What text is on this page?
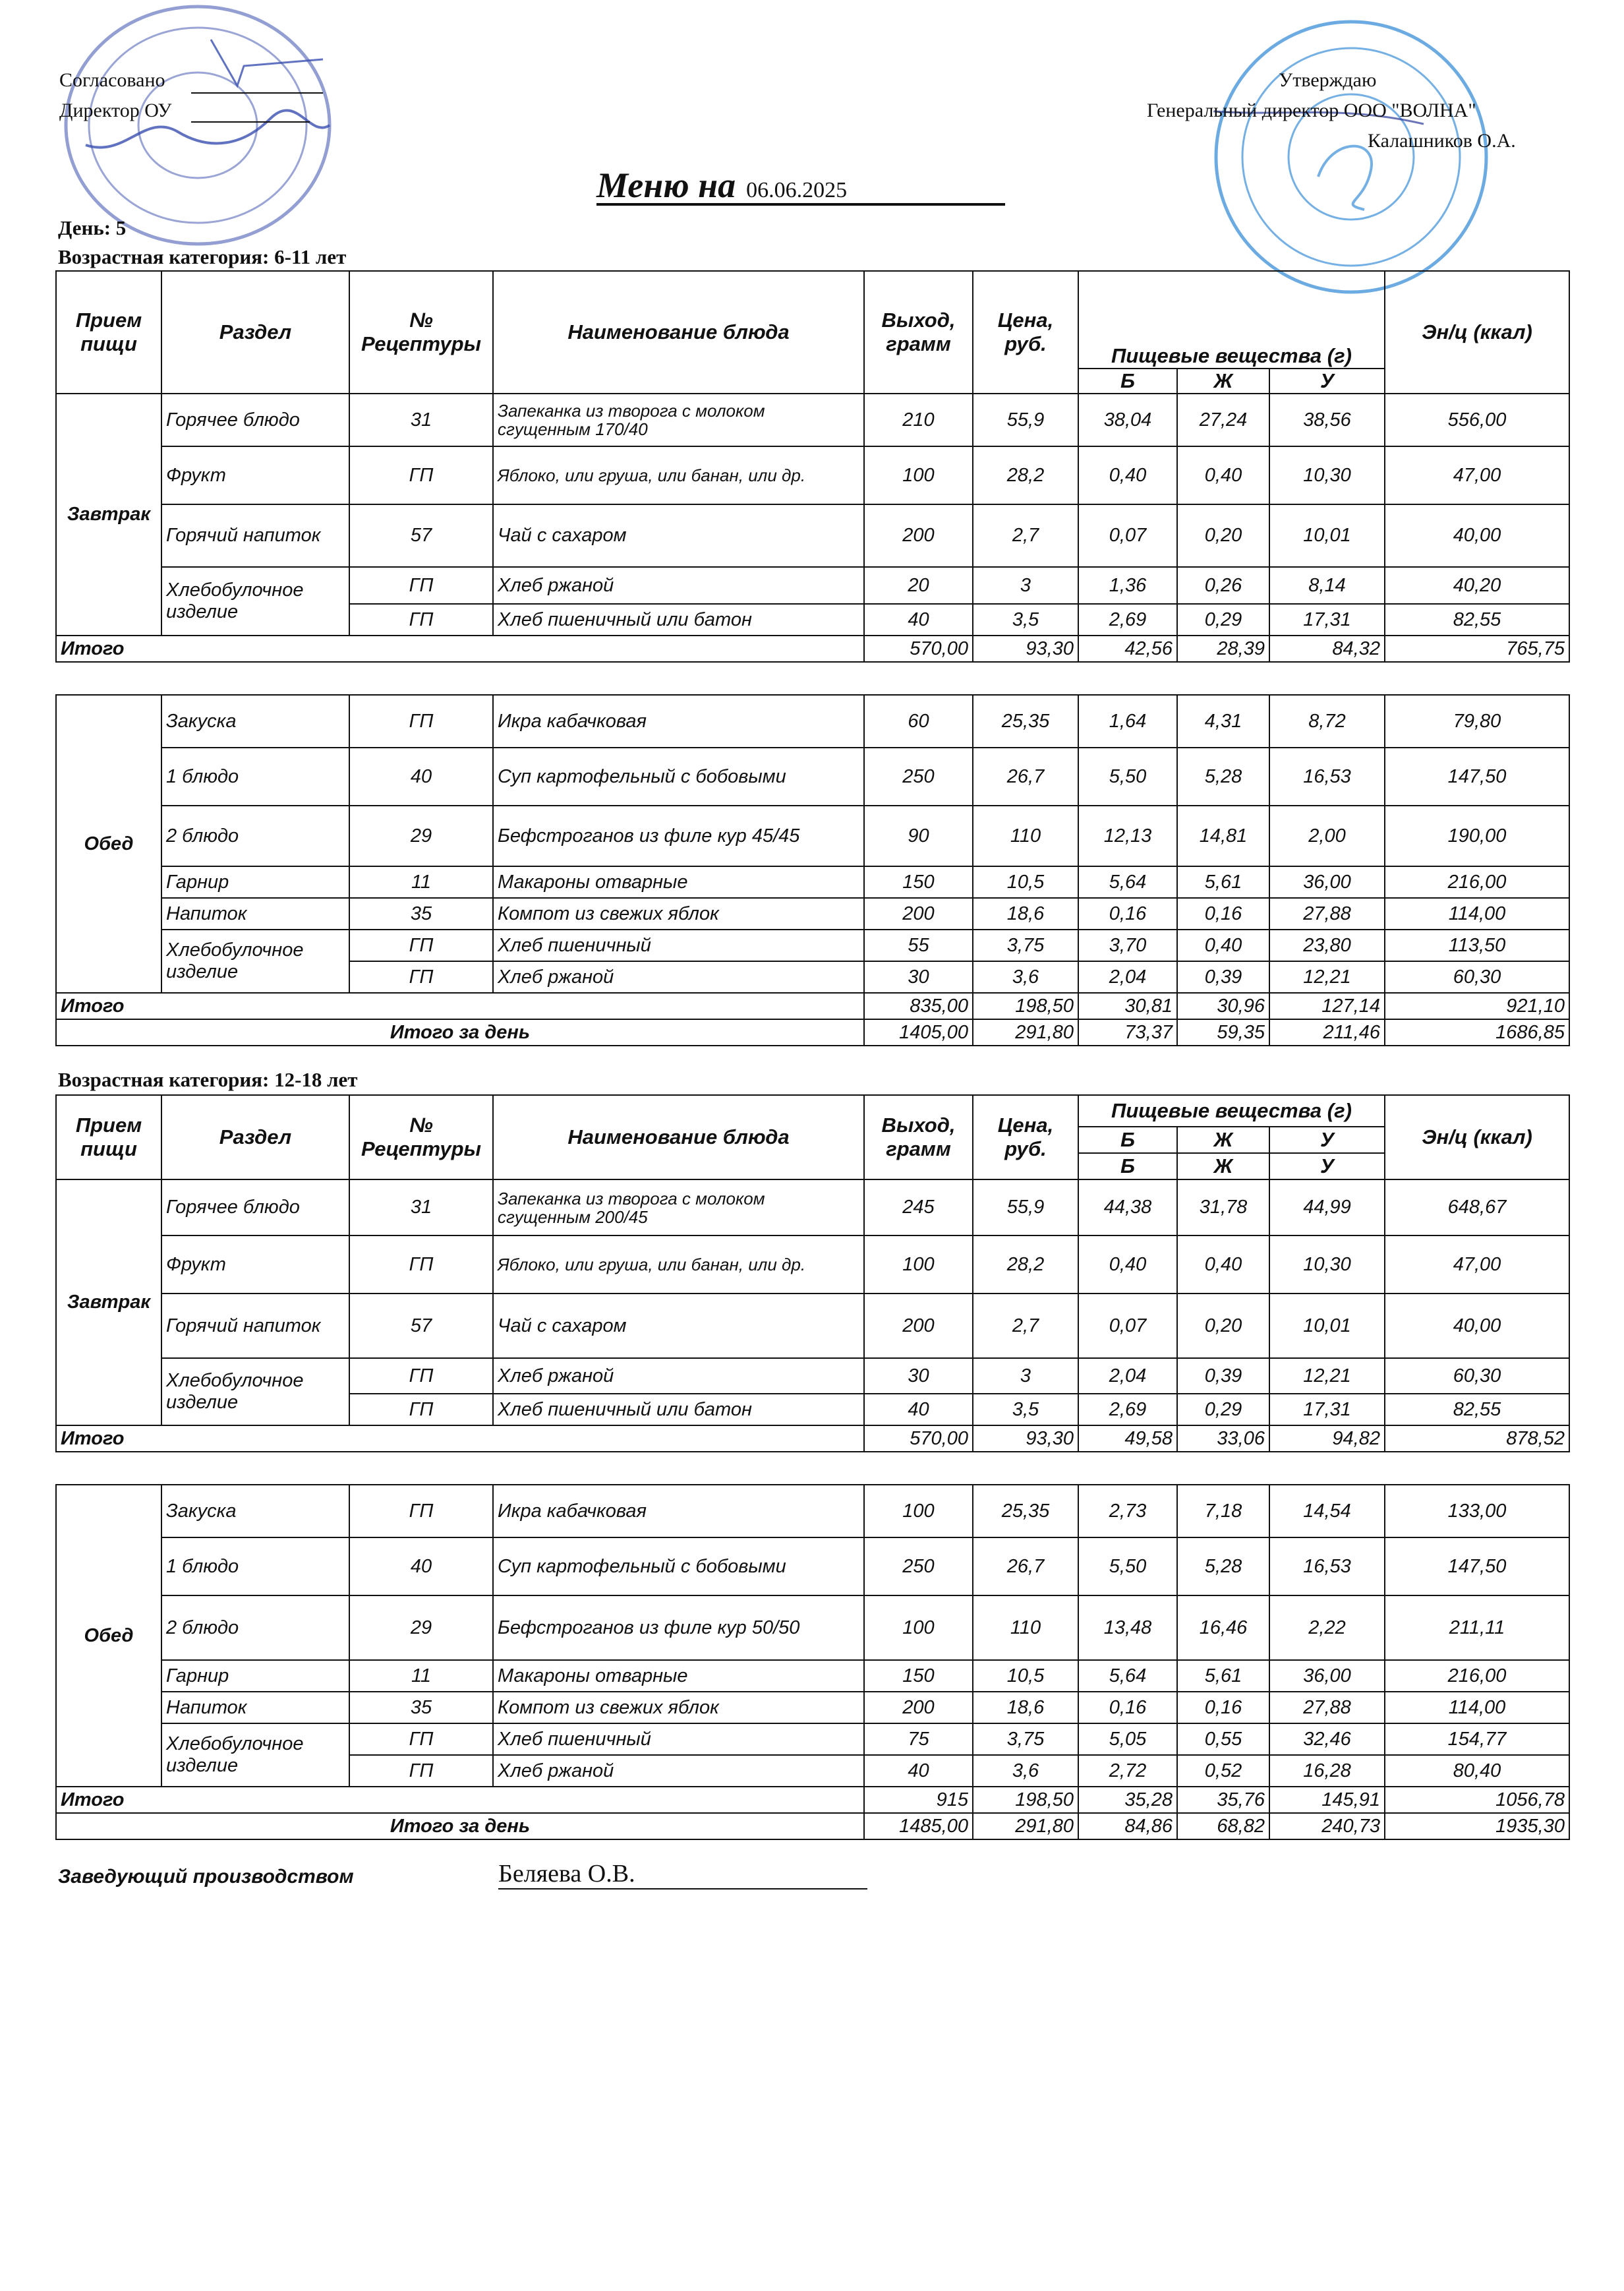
Согласовано
Директор ОУ
Утверждаю
Генеральный директор ООО "ВОЛНА"
Калашников О.А.
Меню на 06.06.2025
День: 5
Возрастная категория: 6-11 лет
Прием пищи	Раздел	№ Рецептуры	Наименование блюда	Выход, грамм	Цена, руб.	Пищевые вещества (г)			Эн/ц (ккал)
						Б	Ж	У	
Завтрак	Горячее блюдо	31	Запеканка из творога с молоком сгущенным 170/40	210	55,9	38,04	27,24	38,56	556,00
	Фрукт	ГП	Яблоко, или груша, или банан, или др.	100	28,2	0,40	0,40	10,30	47,00
	Горячий напиток	57	Чай с сахаром	200	2,7	0,07	0,20	10,01	40,00
	Хлебобулочное изделие	ГП	Хлеб ржаной	20	3	1,36	0,26	8,14	40,20
		ГП	Хлеб пшеничный или батон	40	3,5	2,69	0,29	17,31	82,55
Итого				570,00	93,30	42,56	28,39	84,32	765,75

Обед	Закуска	ГП	Икра кабачковая	60	25,35	1,64	4,31	8,72	79,80
	1 блюдо	40	Суп картофельный с бобовыми	250	26,7	5,50	5,28	16,53	147,50
	2 блюдо	29	Бефстроганов из филе кур 45/45	90	110	12,13	14,81	2,00	190,00
	Гарнир	11	Макароны отварные	150	10,5	5,64	5,61	36,00	216,00
	Напиток	35	Компот из свежих яблок	200	18,6	0,16	0,16	27,88	114,00
	Хлебобулочное изделие	ГП	Хлеб пшеничный	55	3,75	3,70	0,40	23,80	113,50
		ГП	Хлеб ржаной	30	3,6	2,04	0,39	12,21	60,30
Итого				835,00	198,50	30,81	30,96	127,14	921,10
Итого за день				1405,00	291,80	73,37	59,35	211,46	1686,85
Возрастная категория: 12-18 лет
Прием пищи	Раздел	№ Рецептуры	Наименование блюда	Выход, грамм	Цена, руб.	Пищевые вещества (г)			Эн/ц (ккал)
						Б	Ж	У	
						Б	Ж	У	
Завтрак	Горячее блюдо	31	Запеканка из творога с молоком сгущенным 200/45	245	55,9	44,38	31,78	44,99	648,67
	Фрукт	ГП	Яблоко, или груша, или банан, или др.	100	28,2	0,40	0,40	10,30	47,00
	Горячий напиток	57	Чай с сахаром	200	2,7	0,07	0,20	10,01	40,00
	Хлебобулочное изделие	ГП	Хлеб ржаной	30	3	2,04	0,39	12,21	60,30
		ГП	Хлеб пшеничный или батон	40	3,5	2,69	0,29	17,31	82,55
Итого				570,00	93,30	49,58	33,06	94,82	878,52

Обед	Закуска	ГП	Икра кабачковая	100	25,35	2,73	7,18	14,54	133,00
	1 блюдо	40	Суп картофельный с бобовыми	250	26,7	5,50	5,28	16,53	147,50
	2 блюдо	29	Бефстроганов из филе кур 50/50	100	110	13,48	16,46	2,22	211,11
	Гарнир	11	Макароны отварные	150	10,5	5,64	5,61	36,00	216,00
	Напиток	35	Компот из свежих яблок	200	18,6	0,16	0,16	27,88	114,00
	Хлебобулочное изделие	ГП	Хлеб пшеничный	75	3,75	5,05	0,55	32,46	154,77
		ГП	Хлеб ржаной	40	3,6	2,72	0,52	16,28	80,40
Итого				915	198,50	35,28	35,76	145,91	1056,78
Итого за день				1485,00	291,80	84,86	68,82	240,73	1935,30
Заведующий производством	Беляева О.В.
